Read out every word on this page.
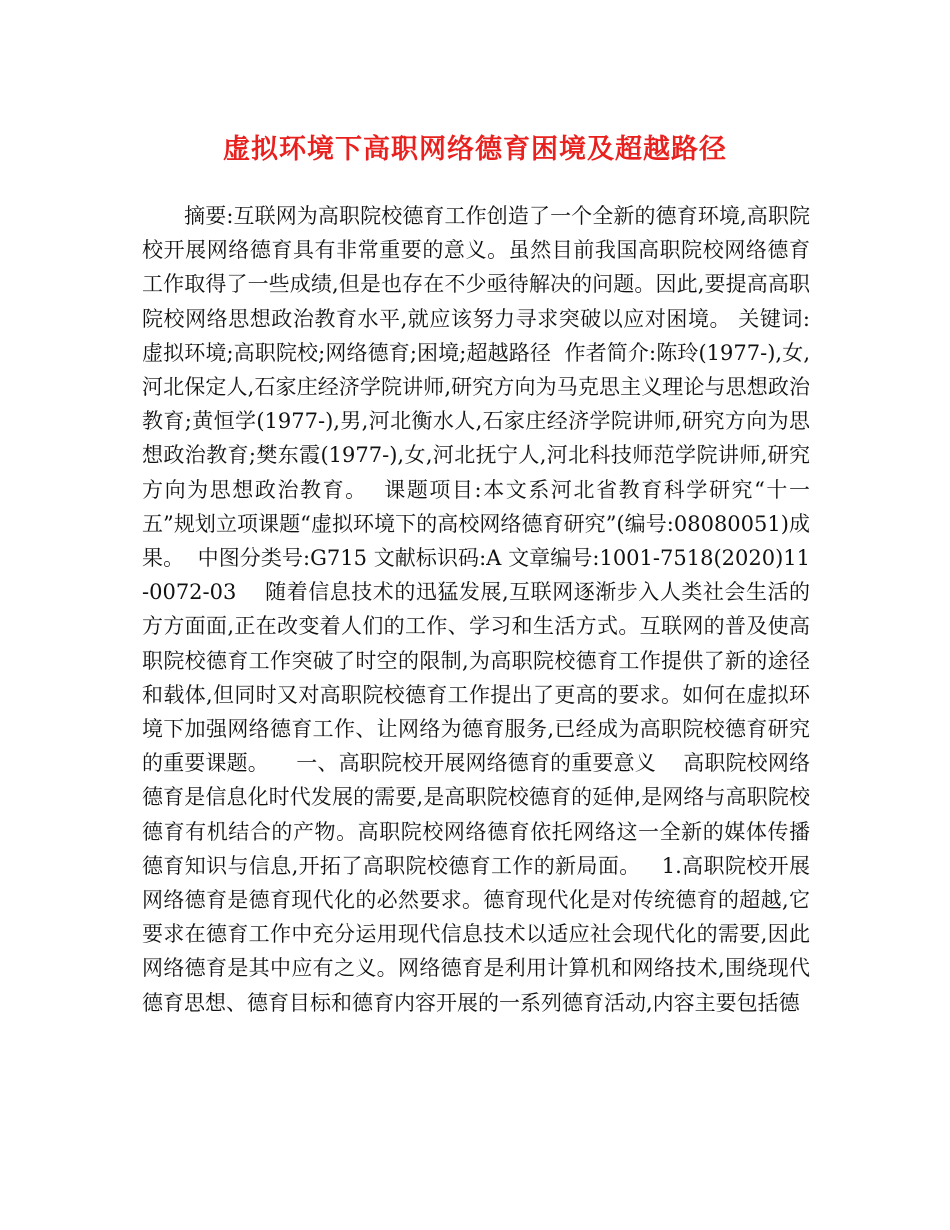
虚拟环境下高职网络德育困境及超越路径

摘要:互联网为高职院校德育工作创造了一个全新的德育环境,高职院校开展网络德育具有非常重要的意义。虽然目前我国高职院校网络德育工作取得了一些成绩,但是也存在不少亟待解决的问题。因此,要提高高职院校网络思想政治教育水平,就应该努力寻求突破以应对困境。 关键词:虚拟环境;高职院校;网络德育;困境;超越路径  作者简介:陈玲(1977-),女,河北保定人,石家庄经济学院讲师,研究方向为马克思主义理论与思想政治教育;黄恒学(1977-),男,河北衡水人,石家庄经济学院讲师,研究方向为思想政治教育;樊东霞(1977-),女,河北抚宁人,河北科技师范学院讲师,研究方向为思想政治教育。  课题项目:本文系河北省教育科学研究“十一五”规划立项课题“虚拟环境下的高校网络德育研究”(编号:08080051)成果。  中图分类号:G715 文献标识码:A 文章编号:1001-7518(2020)11-0072-03    随着信息技术的迅猛发展,互联网逐渐步入人类社会生活的方方面面,正在改变着人们的工作、学习和生活方式。互联网的普及使高职院校德育工作突破了时空的限制,为高职院校德育工作提供了新的途径和载体,但同时又对高职院校德育工作提出了更高的要求。如何在虚拟环境下加强网络德育工作、让网络为德育服务,已经成为高职院校德育研究的重要课题。    一、高职院校开展网络德育的重要意义    高职院校网络德育是信息化时代发展的需要,是高职院校德育的延伸,是网络与高职院校德育有机结合的产物。高职院校网络德育依托网络这一全新的媒体传播德育知识与信息,开拓了高职院校德育工作的新局面。   1.高职院校开展网络德育是德育现代化的必然要求。德育现代化是对传统德育的超越,它要求在德育工作中充分运用现代信息技术以适应社会现代化的需要,因此网络德育是其中应有之义。网络德育是利用计算机和网络技术,围绕现代德育思想、德育目标和德育内容开展的一系列德育活动,内容主要包括德
